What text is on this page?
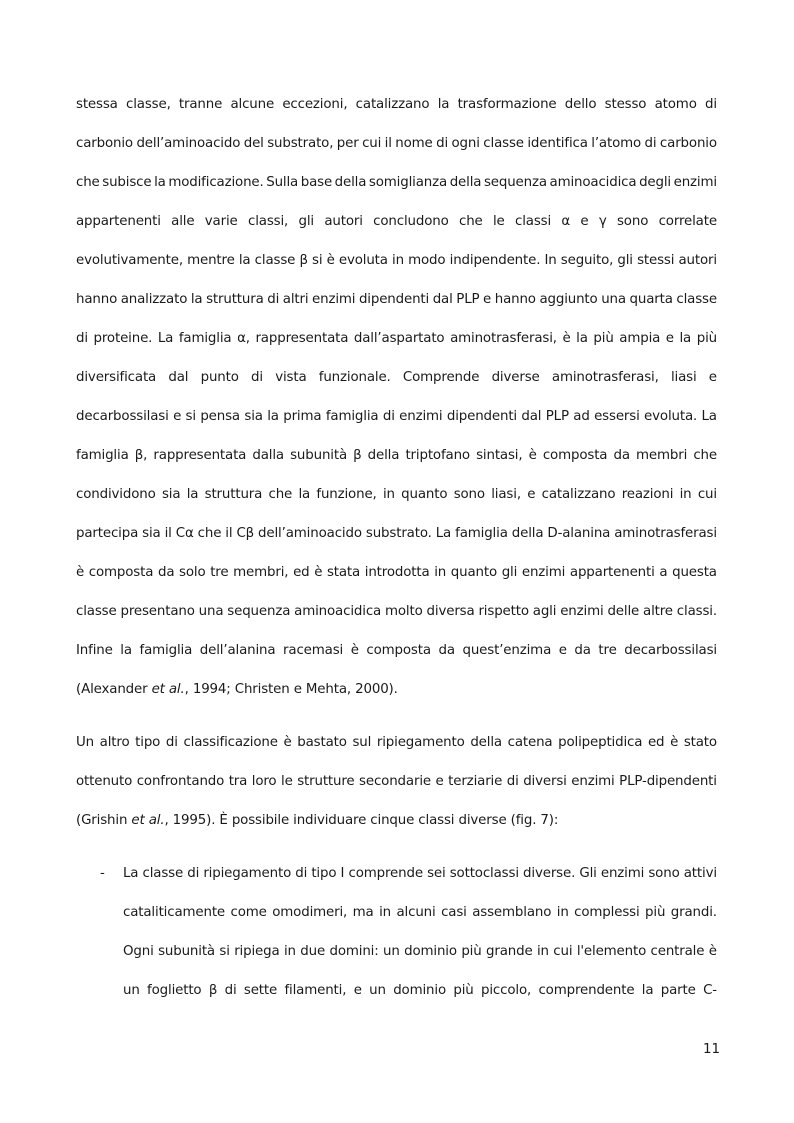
stessa classe, tranne alcune eccezioni, catalizzano la trasformazione dello stesso atomo di
carbonio dell’aminoacido del substrato, per cui il nome di ogni classe identifica l’atomo di carbonio
che subisce la modificazione. Sulla base della somiglianza della sequenza aminoacidica degli enzimi
appartenenti alle varie classi, gli autori concludono che le classi α e γ sono correlate
evolutivamente, mentre la classe β si è evoluta in modo indipendente. In seguito, gli stessi autori
hanno analizzato la struttura di altri enzimi dipendenti dal PLP e hanno aggiunto una quarta classe
di proteine. La famiglia α, rappresentata dall’aspartato aminotrasferasi, è la più ampia e la più
diversificata dal punto di vista funzionale. Comprende diverse aminotrasferasi, liasi e
decarbossilasi e si pensa sia la prima famiglia di enzimi dipendenti dal PLP ad essersi evoluta. La
famiglia β, rappresentata dalla subunità β della triptofano sintasi, è composta da membri che
condividono sia la struttura che la funzione, in quanto sono liasi, e catalizzano reazioni in cui
partecipa sia il Cα che il Cβ dell’aminoacido substrato. La famiglia della D-alanina aminotrasferasi
è composta da solo tre membri, ed è stata introdotta in quanto gli enzimi appartenenti a questa
classe presentano una sequenza aminoacidica molto diversa rispetto agli enzimi delle altre classi.
Infine la famiglia dell’alanina racemasi è composta da quest’enzima e da tre decarbossilasi
(Alexander et al., 1994; Christen e Mehta, 2000).
Un altro tipo di classificazione è bastato sul ripiegamento della catena polipeptidica ed è stato
ottenuto confrontando tra loro le strutture secondarie e terziarie di diversi enzimi PLP-dipendenti
(Grishin et al., 1995). È possibile individuare cinque classi diverse (fig. 7):
- La classe di ripiegamento di tipo I comprende sei sottoclassi diverse. Gli enzimi sono attivi
cataliticamente come omodimeri, ma in alcuni casi assemblano in complessi più grandi.
Ogni subunità si ripiega in due domini: un dominio più grande in cui l'elemento centrale è
un foglietto β di sette filamenti, e un dominio più piccolo, comprendente la parte C-
11
